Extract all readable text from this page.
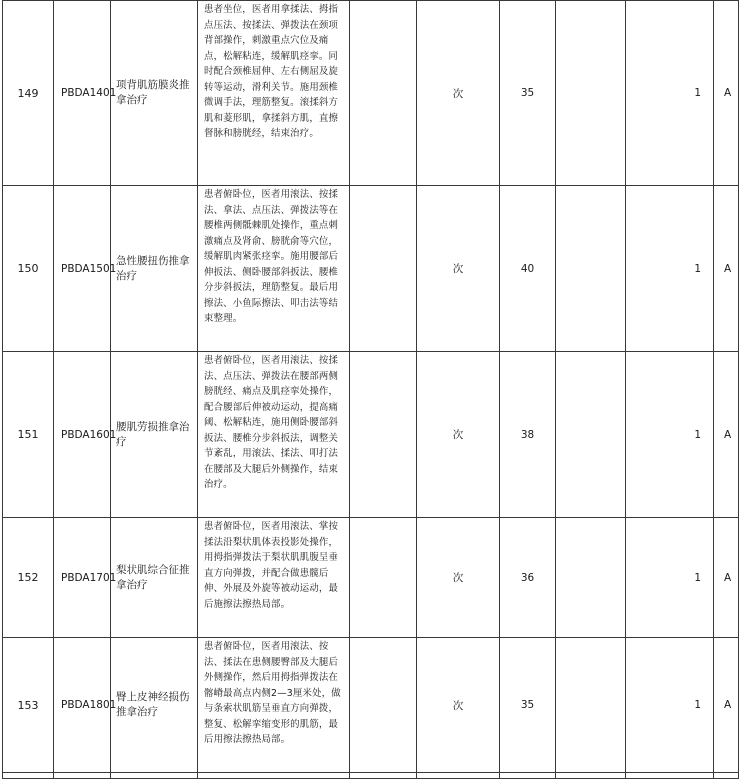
149	PBDA1401	项背肌筋膜炎推拿治疗	患者坐位，医者用拿揉法、拇指点压法、按揉法、弹拨法在颈项背部操作，刺激重点穴位及痛点，松解粘连，缓解肌痉挛。同时配合颈椎屈伸、左右侧屈及旋转等运动，滑利关节。施用颈椎微调手法，理筋整复。滚揉斜方肌和菱形肌，拿揉斜方肌，直擦督脉和膀胱经，结束治疗。		次	35		1	A
150	PBDA1501	急性腰扭伤推拿治疗	患者俯卧位，医者用滚法、按揉法、拿法、点压法、弹拨法等在腰椎两侧骶棘肌处操作，重点刺激痛点及肾俞、膀胱俞等穴位，缓解肌肉紧张痉挛。施用腰部后伸扳法、侧卧腰部斜扳法、腰椎分步斜扳法，理筋整复。最后用擦法、小鱼际擦法、叩击法等结束整理。		次	40		1	A
151	PBDA1601	腰肌劳损推拿治疗	患者俯卧位，医者用滚法、按揉法、点压法、弹拨法在腰部两侧膀胱经、痛点及肌痉挛处操作，配合腰部后伸被动运动，提高痛阈、松解粘连，施用侧卧腰部斜扳法、腰椎分步斜扳法，调整关节紊乱，用滚法、揉法、叩打法在腰部及大腿后外侧操作，结束治疗。		次	38		1	A
152	PBDA1701	梨状肌综合征推拿治疗	患者俯卧位，医者用滚法、掌按揉法沿梨状肌体表投影处操作，用拇指弹拨法于梨状肌肌腹呈垂直方向弹拨，并配合做患髋后伸、外展及外旋等被动运动，最后施擦法擦热局部。		次	36		1	A
153	PBDA1801	臀上皮神经损伤推拿治疗	患者俯卧位，医者用滚法、按法、揉法在患侧腰臀部及大腿后外侧操作，然后用拇指弹拨法在髂嵴最高点内侧2—3厘米处，做与条索状肌筋呈垂直方向弹拨，整复、松解挛缩变形的肌筋，最后用擦法擦热局部。		次	35		1	A
